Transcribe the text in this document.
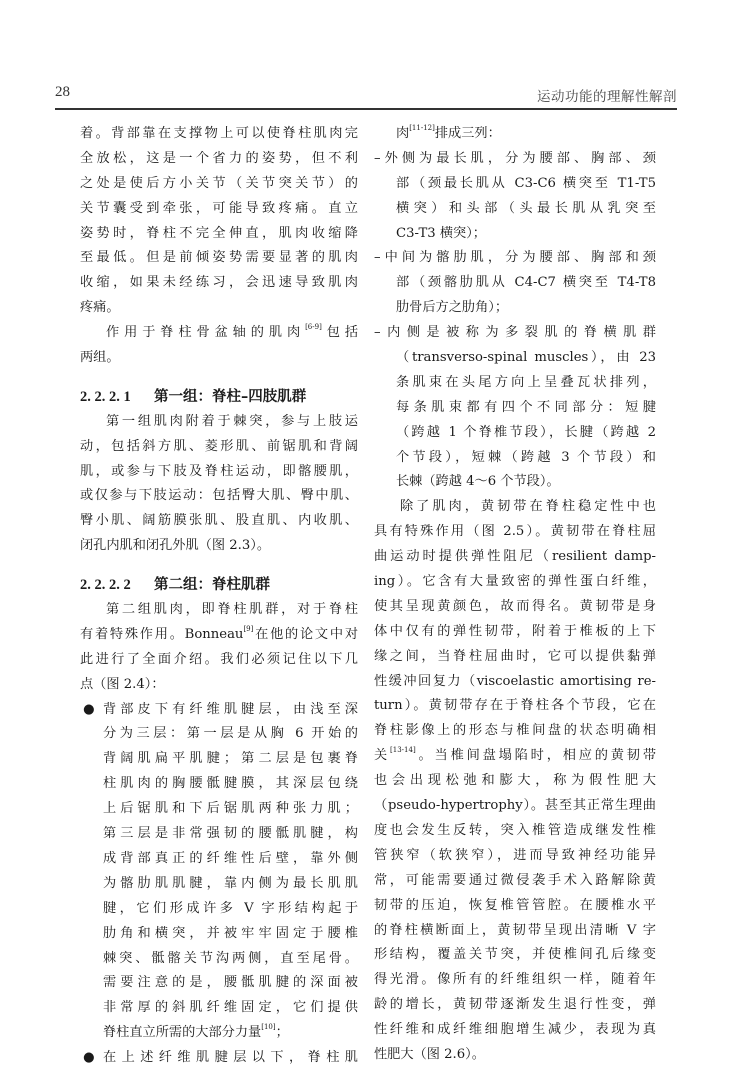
28	运动功能的理解性解剖
着。背部靠在支撑物上可以使脊柱肌肉完
全放松，这是一个省力的姿势，但不利
之处是使后方小关节（关节突关节）的
关节囊受到牵张，可能导致疼痛。直立
姿势时，脊柱不完全伸直，肌肉收缩降
至最低。但是前倾姿势需要显著的肌肉
收缩，如果未经练习，会迅速导致肌肉
疼痛。
作用于脊柱骨盆轴的肌肉[6-9]包括
两组。
2. 2. 2. 1 第一组：脊柱–四肢肌群
第一组肌肉附着于棘突，参与上肢运
动，包括斜方肌、菱形肌、前锯肌和背阔
肌，或参与下肢及脊柱运动，即髂腰肌，
或仅参与下肢运动：包括臀大肌、臀中肌、
臀小肌、阔筋膜张肌、股直肌、内收肌、
闭孔内肌和闭孔外肌（图 2.3）。
2. 2. 2. 2 第二组：脊柱肌群
第二组肌肉，即脊柱肌群，对于脊柱
有着特殊作用。Bonneau[9]在他的论文中对
此进行了全面介绍。我们必须记住以下几
点（图 2.4）：
● 背部皮下有纤维肌腱层，由浅至深
分为三层：第一层是从胸 6 开始的
背阔肌扁平肌腱；第二层是包裹脊
柱肌肉的胸腰骶腱膜，其深层包绕
上后锯肌和下后锯肌两种张力肌；
第三层是非常强韧的腰骶肌腱，构
成背部真正的纤维性后壁，靠外侧
为髂肋肌肌腱，靠内侧为最长肌肌
腱，它们形成许多 V 字形结构起于
肋角和横突，并被牢牢固定于腰椎
棘突、骶髂关节沟两侧，直至尾骨。
需要注意的是，腰骶肌腱的深面被
非常厚的斜肌纤维固定，它们提供
脊柱直立所需的大部分力量[10]；
● 在上述纤维肌腱层以下，脊柱肌
肉[11-12]排成三列：
–外侧为最长肌，分为腰部、胸部、颈
部（颈最长肌从 C3-C6 横突至 T1-T5
横突）和头部（头最长肌从乳突至
C3-T3 横突）；
–中间为髂肋肌，分为腰部、胸部和颈
部（颈髂肋肌从 C4-C7 横突至 T4-T8
肋骨后方之肋角）；
–内侧是被称为多裂肌的脊横肌群
（transverso-spinal muscles），由 23
条肌束在头尾方向上呈叠瓦状排列，
每条肌束都有四个不同部分：短腱
（跨越 1 个脊椎节段），长腱（跨越 2
个节段），短棘（跨越 3 个节段）和
长棘（跨越 4～6 个节段）。
除了肌肉，黄韧带在脊柱稳定性中也
具有特殊作用（图 2.5）。黄韧带在脊柱屈
曲运动时提供弹性阻尼（resilient damp-
ing）。它含有大量致密的弹性蛋白纤维，
使其呈现黄颜色，故而得名。黄韧带是身
体中仅有的弹性韧带，附着于椎板的上下
缘之间，当脊柱屈曲时，它可以提供黏弹
性缓冲回复力（viscoelastic amortising re-
turn）。黄韧带存在于脊柱各个节段，它在
脊柱影像上的形态与椎间盘的状态明确相
关[13-14]。当椎间盘塌陷时，相应的黄韧带
也会出现松弛和膨大，称为假性肥大
（pseudo-hypertrophy）。甚至其正常生理曲
度也会发生反转，突入椎管造成继发性椎
管狭窄（软狭窄），进而导致神经功能异
常，可能需要通过微侵袭手术入路解除黄
韧带的压迫，恢复椎管管腔。在腰椎水平
的脊柱横断面上，黄韧带呈现出清晰 V 字
形结构，覆盖关节突，并使椎间孔后缘变
得光滑。像所有的纤维组织一样，随着年
龄的增长，黄韧带逐渐发生退行性变，弹
性纤维和成纤维细胞增生减少，表现为真
性肥大（图 2.6）。
